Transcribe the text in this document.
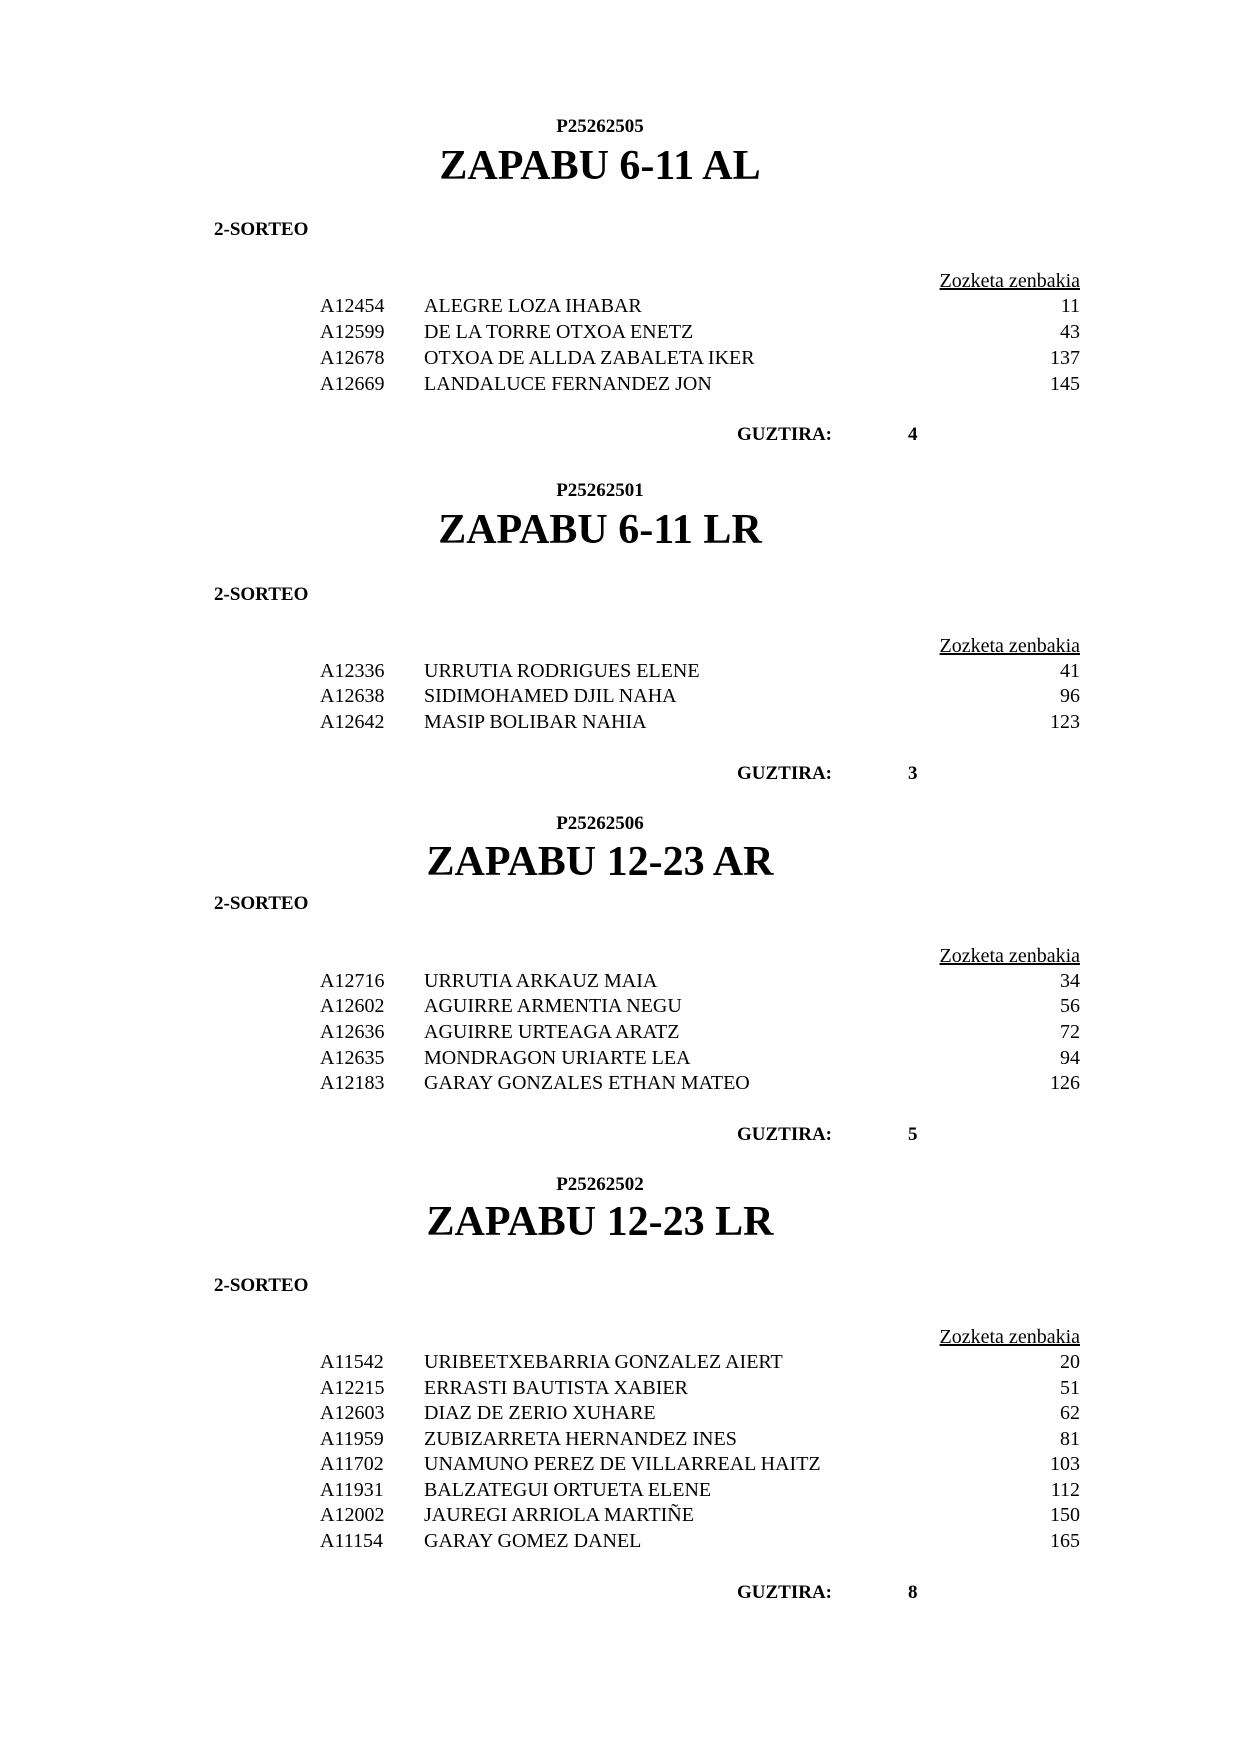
P25262505
ZAPABU 6-11 AL
2-SORTEO
Zozketa zenbakia
A12454 ALEGRE LOZA IHABAR	11
A12599 DE LA TORRE OTXOA ENETZ	43
A12678 OTXOA DE ALLDA ZABALETA IKER	137
A12669 LANDALUCE FERNANDEZ JON	145
GUZTIRA:	4
P25262501
ZAPABU 6-11 LR
2-SORTEO
Zozketa zenbakia
A12336 URRUTIA RODRIGUES ELENE	41
A12638 SIDIMOHAMED DJIL NAHA	96
A12642 MASIP BOLIBAR NAHIA	123
GUZTIRA:	3
P25262506
ZAPABU 12-23 AR
2-SORTEO
Zozketa zenbakia
A12716 URRUTIA ARKAUZ MAIA	34
A12602 AGUIRRE ARMENTIA NEGU	56
A12636 AGUIRRE URTEAGA ARATZ	72
A12635 MONDRAGON URIARTE LEA	94
A12183 GARAY GONZALES ETHAN MATEO	126
GUZTIRA:	5
P25262502
ZAPABU 12-23 LR
2-SORTEO
Zozketa zenbakia
A11542 URIBEETXEBARRIA GONZALEZ AIERT	20
A12215 ERRASTI BAUTISTA XABIER	51
A12603 DIAZ DE ZERIO XUHARE	62
A11959 ZUBIZARRETA HERNANDEZ INES	81
A11702 UNAMUNO PEREZ DE VILLARREAL HAITZ	103
A11931 BALZATEGUI ORTUETA ELENE	112
A12002 JAUREGI ARRIOLA MARTIÑE	150
A11154 GARAY GOMEZ DANEL	165
GUZTIRA:	8
